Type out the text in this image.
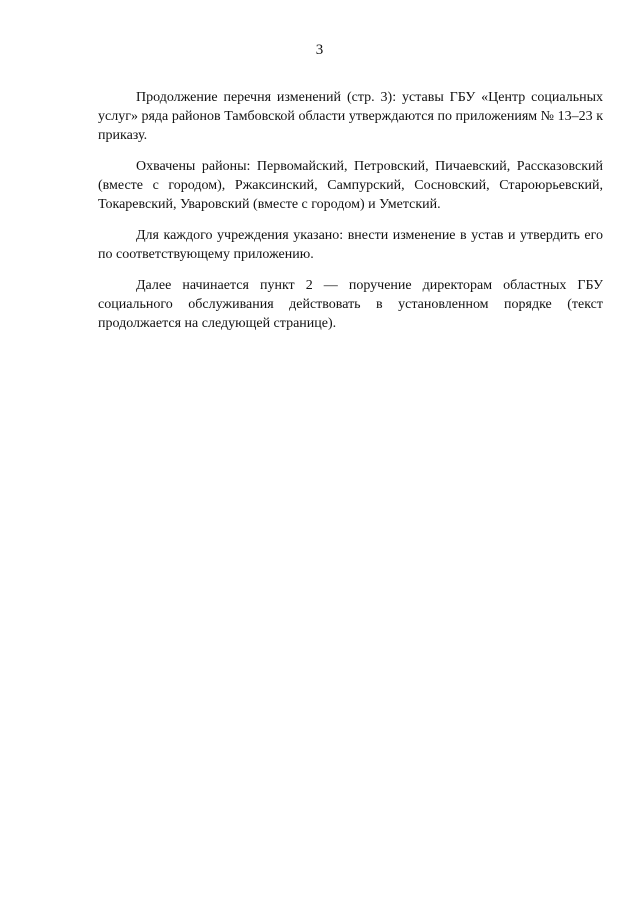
3

Продолжение перечня изменений (стр. 3): уставы ГБУ «Центр социальных услуг» ряда районов Тамбовской области утверждаются по приложениям № 13–23 к приказу.

Охвачены районы: Первомайский, Петровский, Пичаевский, Рассказовский (вместе с городом), Ржаксинский, Сампурский, Сосновский, Староюрьевский, Токаревский, Уваровский (вместе с городом) и Уметский.

Для каждого учреждения указано: внести изменение в устав и утвердить его по соответствующему приложению.

Далее начинается пункт 2 — поручение директорам областных ГБУ социального обслуживания действовать в установленном порядке (текст продолжается на следующей странице).
